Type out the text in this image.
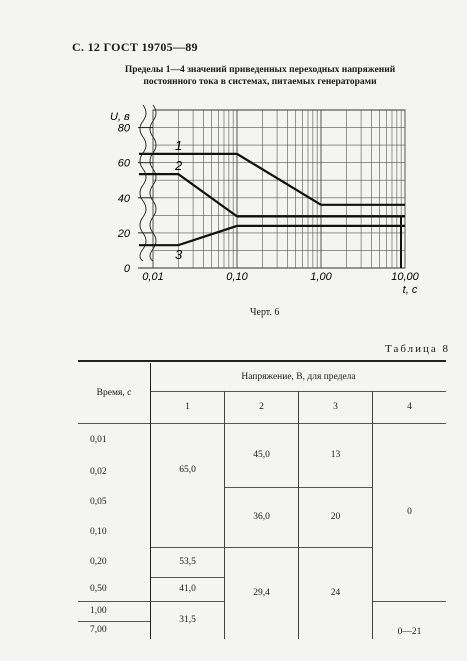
С. 12 ГОСТ 19705—89
Пределы 1—4 значений приведенных переходных напряжений
постоянного тока в системах, питаемых генераторами
0
20
40
60
80
U, в
0,01	0,10	1,00	10,00
t, с
1
2
3
Черт. 6
Таблица 8

Время, с	Напряжение, В, для предела			
	1	2	3	4
0,01	65,0	45,0	13	0
0,02				
0,05		36,0	20	
0,10				
0,20	53,5	29,4	24	
0,50	41,0			
1,00	31,5			0—21
7,00				
